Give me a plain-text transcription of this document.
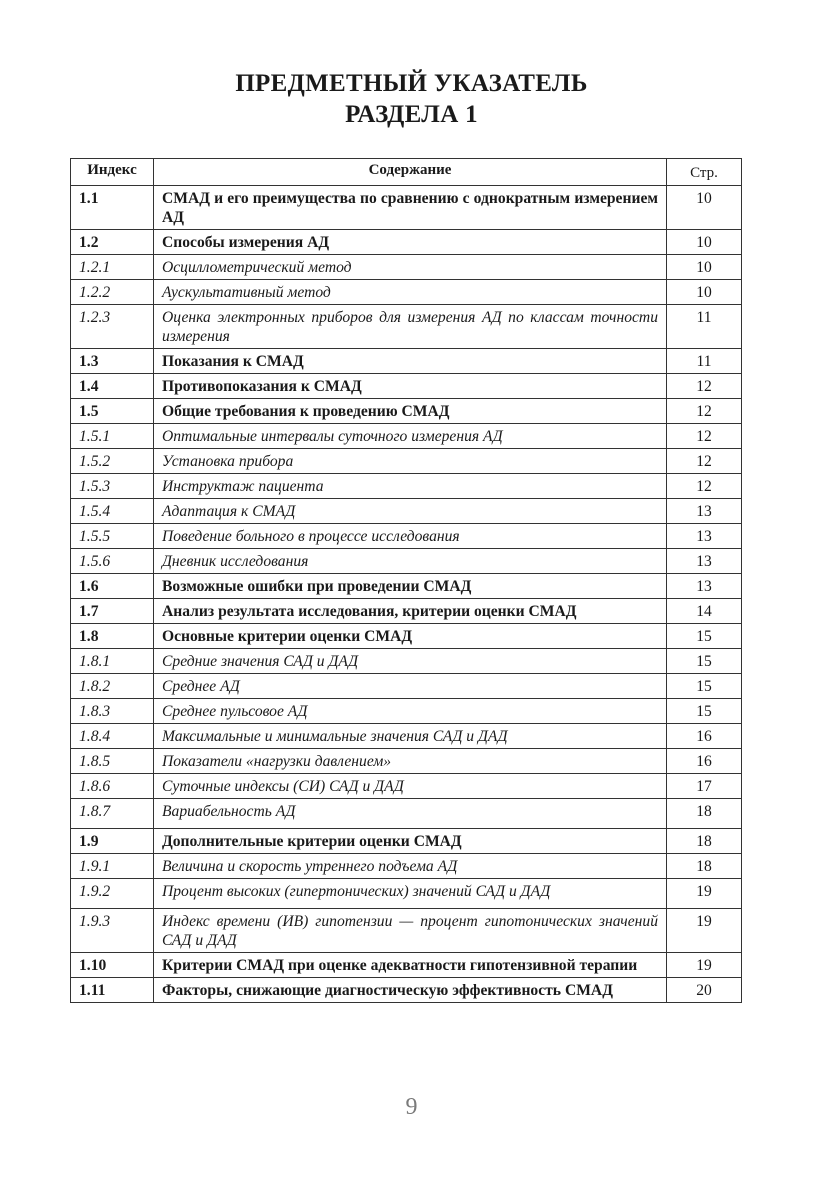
ПРЕДМЕТНЫЙ УКАЗАТЕЛЬ
РАЗДЕЛА 1
Индекс	Содержание	Стр.
1.1	СМАД и его преимущества по сравнению с однократным измерением АД	10
1.2	Способы измерения АД	10
1.2.1	Осциллометрический метод	10
1.2.2	Аускультативный метод	10
1.2.3	Оценка электронных приборов для измерения АД по классам точности измерения	11
1.3	Показания к СМАД	11
1.4	Противопоказания к СМАД	12
1.5	Общие требования к проведению СМАД	12
1.5.1	Оптимальные интервалы суточного измерения АД	12
1.5.2	Установка прибора	12
1.5.3	Инструктаж пациента	12
1.5.4	Адаптация к СМАД	13
1.5.5	Поведение больного в процессе исследования	13
1.5.6	Дневник исследования	13
1.6	Возможные ошибки при проведении СМАД	13
1.7	Анализ результата исследования, критерии оценки СМАД	14
1.8	Основные критерии оценки СМАД	15
1.8.1	Средние значения САД и ДАД	15
1.8.2	Среднее АД	15
1.8.3	Среднее пульсовое АД	15
1.8.4	Максимальные и минимальные значения САД и ДАД	16
1.8.5	Показатели «нагрузки давлением»	16
1.8.6	Суточные индексы (СИ) САД и ДАД	17
1.8.7	Вариабельность АД	18
1.9	Дополнительные критерии оценки СМАД	18
1.9.1	Величина и скорость утреннего подъема АД	18
1.9.2	Процент высоких (гипертонических) значений САД и ДАД	19
1.9.3	Индекс времени (ИВ) гипотензии — процент гипотонических значений САД и ДАД	19
1.10	Критерии СМАД при оценке адекватности гипотензивной терапии	19
1.11	Факторы, снижающие диагностическую эффективность СМАД	20
9
